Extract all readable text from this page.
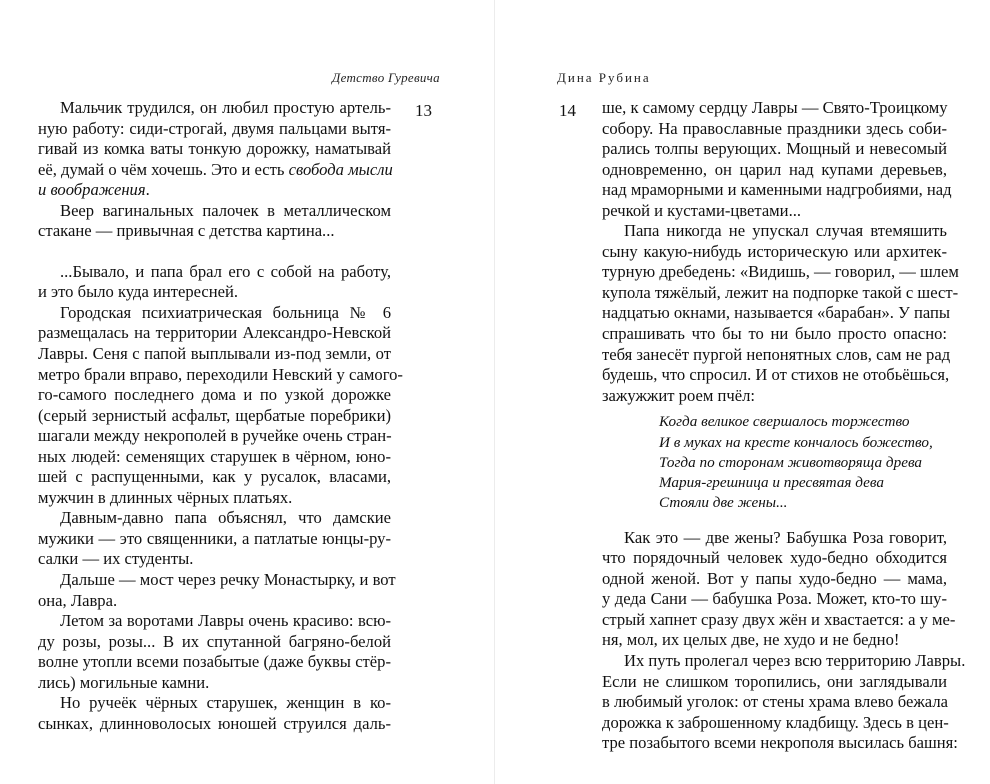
Детство Гуревича
13
Мальчик трудился, он любил простую артель-
ную работу: сиди-строгай, двумя пальцами вытя-
гивай из комка ваты тонкую дорожку, наматывай
её, думай о чём хочешь. Это и есть свобода мысли
и воображения.
Веер вагинальных палочек в металлическом
стакане — привычная с детства картина...
...Бывало, и папа брал его с собой на работу,
и это было куда интересней.
Городская психиатрическая больница № 6
размещалась на территории Александро-Невской
Лавры. Сеня с папой выплывали из-под земли, от
метро брали вправо, переходили Невский у самого-
го-самого последнего дома и по узкой дорожке
(серый зернистый асфальт, щербатые поребрики)
шагали между некрополей в ручейке очень стран-
ных людей: семенящих старушек в чёрном, юно-
шей с распущенными, как у русалок, власами,
мужчин в длинных чёрных платьях.
Давным-давно папа объяснял, что дамские
мужики — это священники, а патлатые юнцы-ру-
салки — их студенты.
Дальше — мост через речку Монастырку, и вот
она, Лавра.
Летом за воротами Лавры очень красиво: всю-
ду розы, розы... В их спутанной багряно-белой
волне утопли всеми позабытые (даже буквы стёр-
лись) могильные камни.
Но ручеёк чёрных старушек, женщин в ко-
сынках, длинноволосых юношей струился даль-
Дина Рубина
14 ше, к самому сердцу Лавры — Свято-Троицкому
собору. На православные праздники здесь соби-
рались толпы верующих. Мощный и невесомый
одновременно, он царил над купами деревьев,
над мраморными и каменными надгробиями, над
речкой и кустами-цветами...
Папа никогда не упускал случая втемяшить
сыну какую-нибудь историческую или архитек-
турную дребедень: «Видишь, — говорил, — шлем
купола тяжёлый, лежит на подпорке такой с шест-
надцатью окнами, называется «барабан». У папы
спрашивать что бы то ни было просто опасно:
тебя занесёт пургой непонятных слов, сам не рад
будешь, что спросил. И от стихов не отобьёшься,
зажужжит роем пчёл:
Когда великое свершалось торжество
И в муках на кресте кончалось божество,
Тогда по сторонам животворяща древа
Мария-грешница и пресвятая дева
Стояли две жены...
Как это — две жены? Бабушка Роза говорит,
что порядочный человек худо-бедно обходится
одной женой. Вот у папы худо-бедно — мама,
у деда Сани — бабушка Роза. Может, кто-то шу-
стрый хапнет сразу двух жён и хвастается: а у ме-
ня, мол, их целых две, не худо и не бедно!
Их путь пролегал через всю территорию Лавры.
Если не слишком торопились, они заглядывали
в любимый уголок: от стены храма влево бежала
дорожка к заброшенному кладбищу. Здесь в цен-
тре позабытого всеми некрополя высилась башня:
